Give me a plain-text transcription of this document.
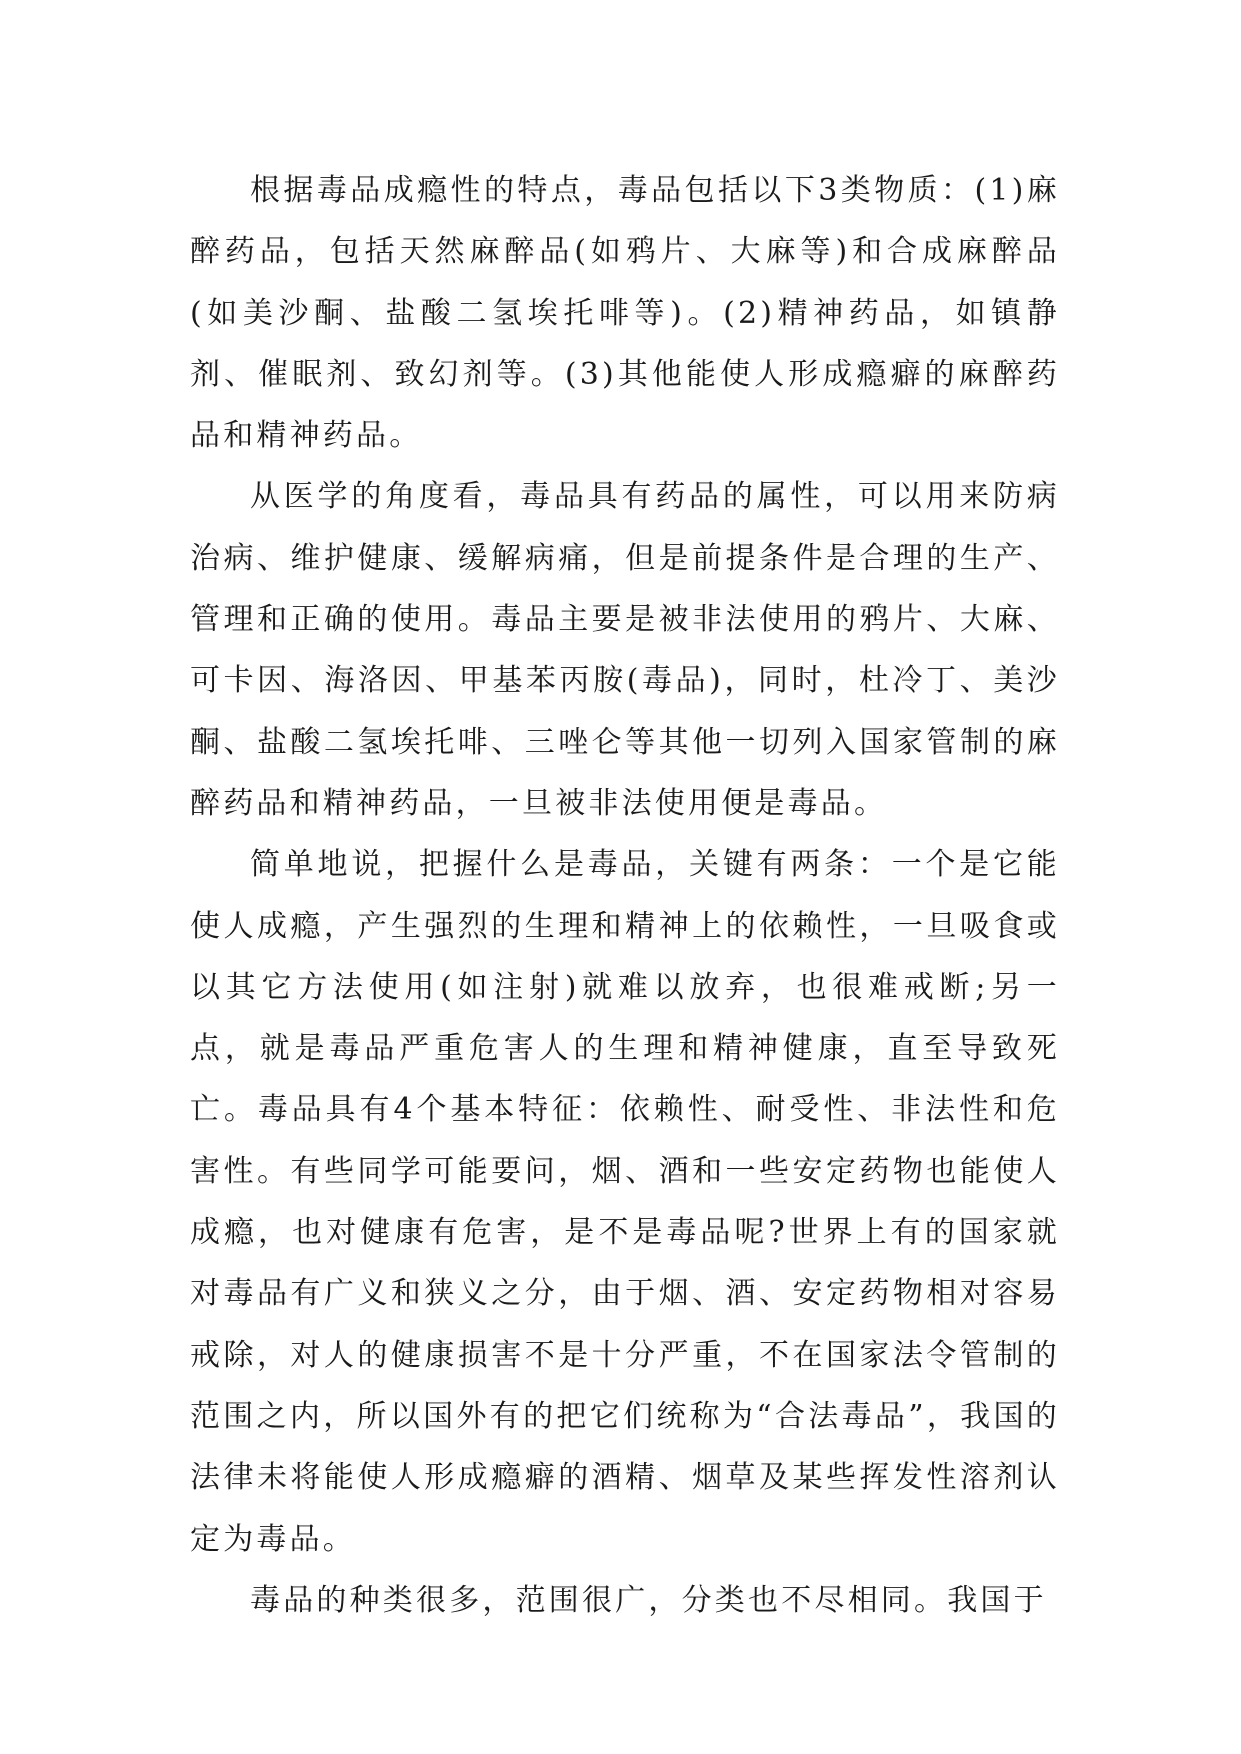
根据毒品成瘾性的特点，毒品包括以下3类物质：(1)麻醉药品，包括天然麻醉品(如鸦片、大麻等)和合成麻醉品(如美沙酮、盐酸二氢埃托啡等)。(2)精神药品，如镇静剂、催眠剂、致幻剂等。(3)其他能使人形成瘾癖的麻醉药品和精神药品。

从医学的角度看，毒品具有药品的属性，可以用来防病治病、维护健康、缓解病痛，但是前提条件是合理的生产、管理和正确的使用。毒品主要是被非法使用的鸦片、大麻、可卡因、海洛因、甲基苯丙胺(毒品)，同时，杜冷丁、美沙酮、盐酸二氢埃托啡、三唑仑等其他一切列入国家管制的麻醉药品和精神药品，一旦被非法使用便是毒品。

简单地说，把握什么是毒品，关键有两条：一个是它能使人成瘾，产生强烈的生理和精神上的依赖性，一旦吸食或以其它方法使用(如注射)就难以放弃，也很难戒断;另一点，就是毒品严重危害人的生理和精神健康，直至导致死亡。毒品具有4个基本特征：依赖性、耐受性、非法性和危害性。有些同学可能要问，烟、酒和一些安定药物也能使人成瘾，也对健康有危害，是不是毒品呢?世界上有的国家就对毒品有广义和狭义之分，由于烟、酒、安定药物相对容易戒除，对人的健康损害不是十分严重，不在国家法令管制的范围之内，所以国外有的把它们统称为“合法毒品”，我国的法律未将能使人形成瘾癖的酒精、烟草及某些挥发性溶剂认定为毒品。

毒品的种类很多，范围很广，分类也不尽相同。我国于
